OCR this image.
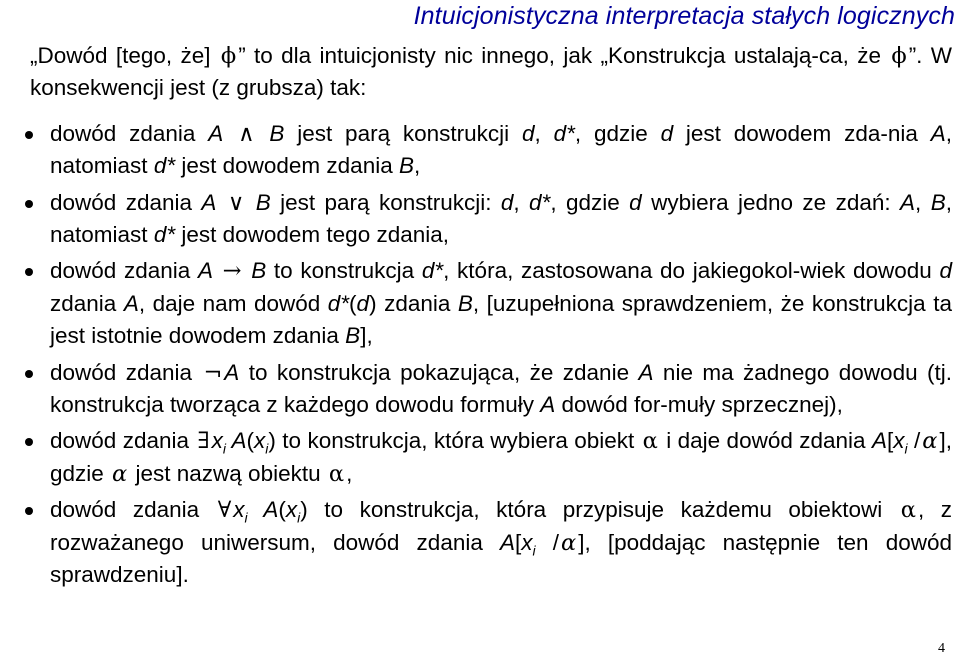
Intuicjonistyczna interpretacja stałych logicznych

„Dowód [tego, że] ϕ” to dla intuicjonisty nic innego, jak „Konstrukcja ustalają-ca, że ϕ”. W konsekwencji jest (z grubsza) tak:

dowód zdania A ∧ B jest parą konstrukcji d, d*, gdzie d jest dowodem zda-nia A, natomiast d* jest dowodem zdania B,
dowód zdania A ∨ B jest parą konstrukcji: d, d*, gdzie d wybiera jedno ze zdań: A, B, natomiast d* jest dowodem tego zdania,
dowód zdania A → B to konstrukcja d*, która, zastosowana do jakiegokol-wiek dowodu d zdania A, daje nam dowód d*(d) zdania B, [uzupełniona sprawdzeniem, że konstrukcja ta jest istotnie dowodem zdania B],
dowód zdania ¬A to konstrukcja pokazująca, że zdanie A nie ma żadnego dowodu (tj. konstrukcja tworząca z każdego dowodu formuły A dowód for-muły sprzecznej),
dowód zdania $\exists x_i$ $A(x_i)$ to konstrukcja, która wybiera obiekt α i daje dowód zdania $A[x_i$ /α], gdzie α jest nazwą obiektu α,
dowód zdania $\forall x_i$ $A(x_i)$ to konstrukcja, która przypisuje każdemu obiektowi α, z rozważanego uniwersum, dowód zdania $A[x_i$ /α], [poddając następnie ten dowód sprawdzeniu].
4
